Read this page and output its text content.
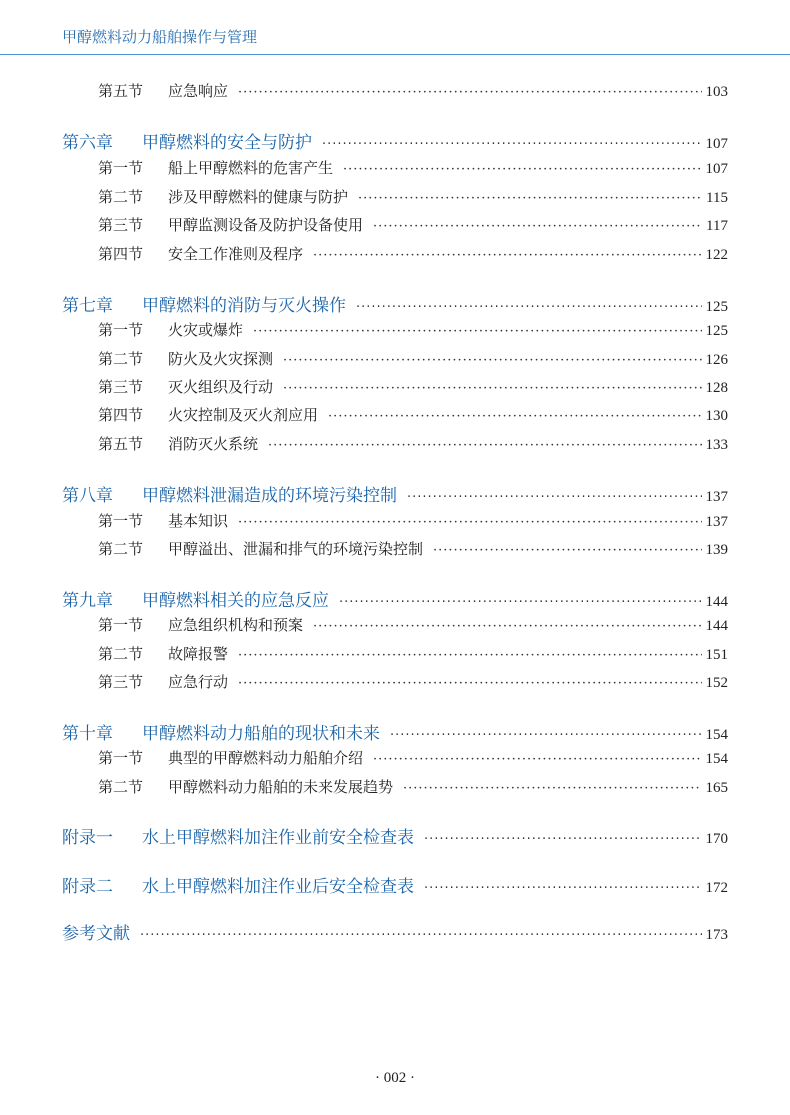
甲醇燃料动力船舶操作与管理
第五节	应急响应 ·····	103
第六章	甲醇燃料的安全与防护 ·····	107
第一节	船上甲醇燃料的危害产生 ·····	107
第二节	涉及甲醇燃料的健康与防护 ·····	115
第三节	甲醇监测设备及防护设备使用 ·····	117
第四节	安全工作准则及程序 ·····	122
第七章	甲醇燃料的消防与灭火操作 ·····	125
第一节	火灾或爆炸 ·····	125
第二节	防火及火灾探测 ·····	126
第三节	灭火组织及行动 ·····	128
第四节	火灾控制及灭火剂应用 ·····	130
第五节	消防灭火系统 ·····	133
第八章	甲醇燃料泄漏造成的环境污染控制 ·····	137
第一节	基本知识 ·····	137
第二节	甲醇溢出、泄漏和排气的环境污染控制 ·····	139
第九章	甲醇燃料相关的应急反应 ·····	144
第一节	应急组织机构和预案 ·····	144
第二节	故障报警 ·····	151
第三节	应急行动 ·····	152
第十章	甲醇燃料动力船舶的现状和未来 ·····	154
第一节	典型的甲醇燃料动力船舶介绍 ·····	154
第二节	甲醇燃料动力船舶的未来发展趋势 ·····	165
附录一	水上甲醇燃料加注作业前安全检查表 ·····	170
附录二	水上甲醇燃料加注作业后安全检查表 ·····	172
参考文献 ·····	173
· 002 ·
